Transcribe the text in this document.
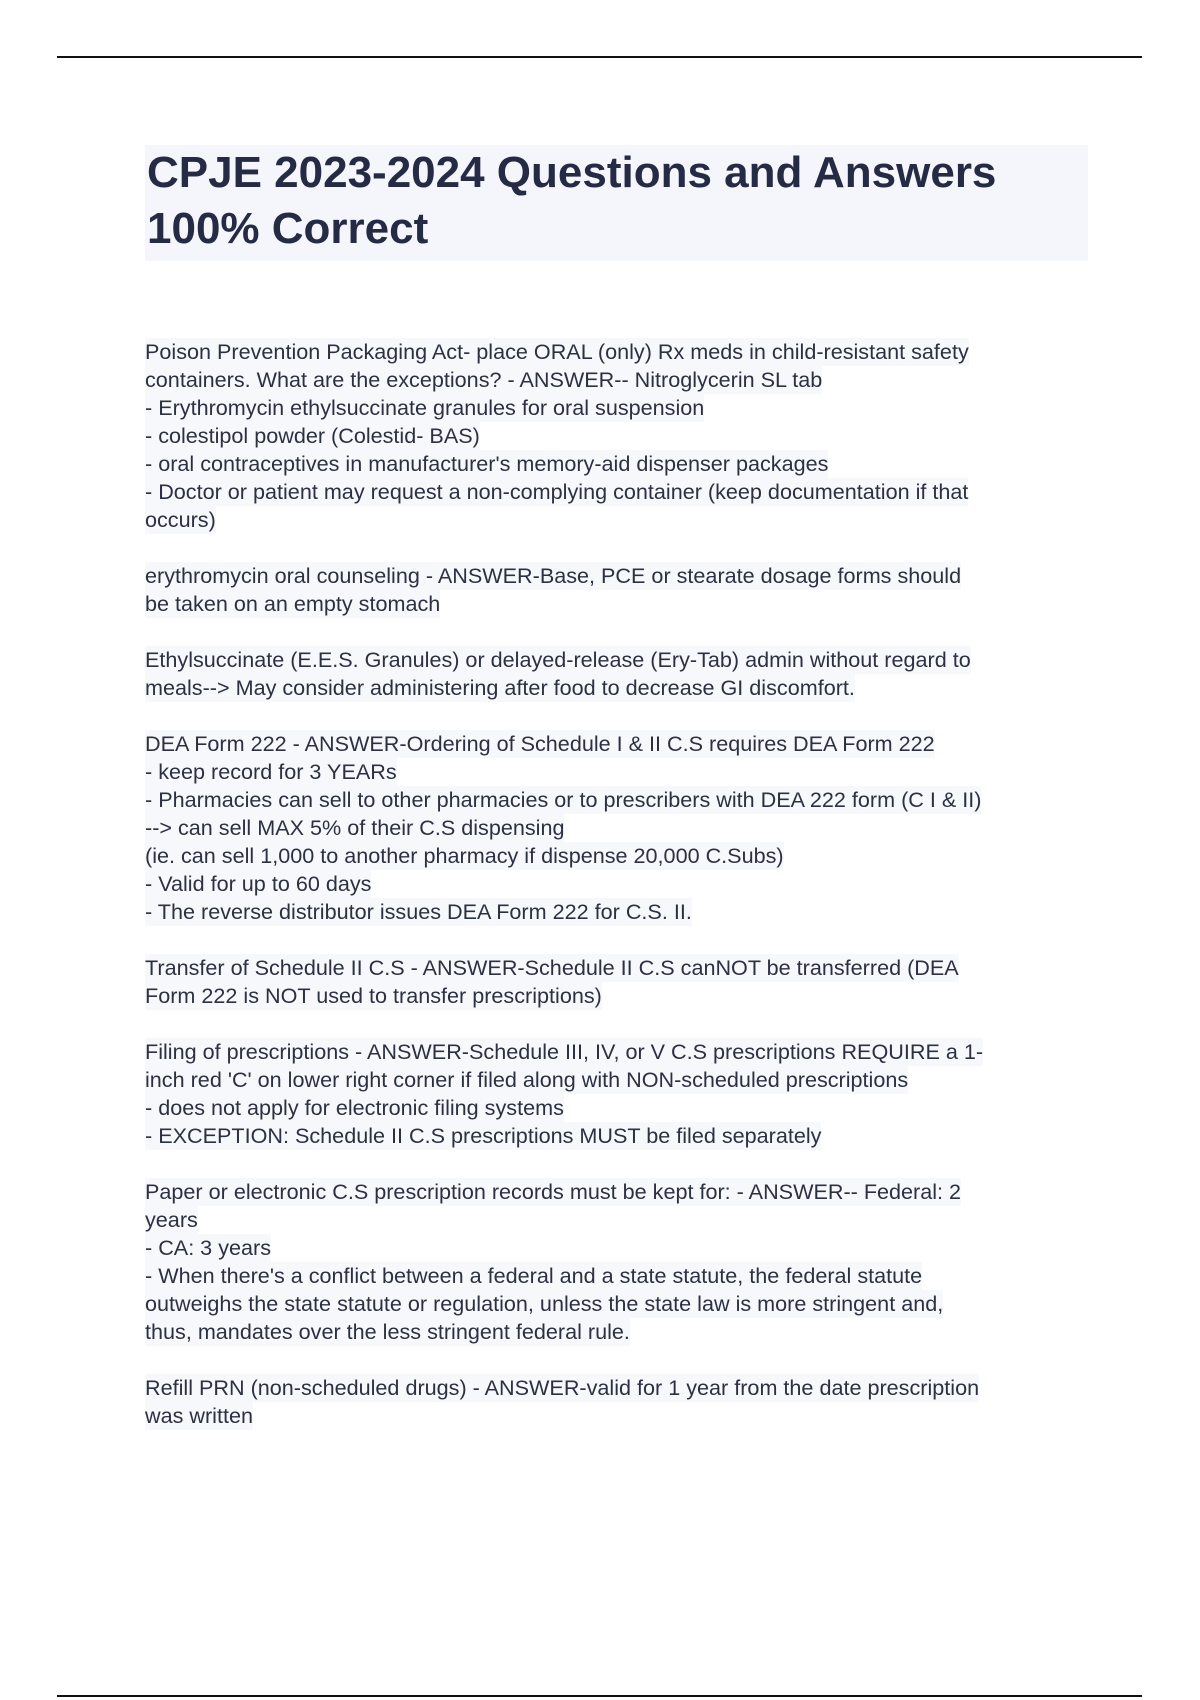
CPJE 2023-2024 Questions and Answers
100% Correct
Poison Prevention Packaging Act- place ORAL (only) Rx meds in child-resistant safety
containers. What are the exceptions? - ANSWER-- Nitroglycerin SL tab
- Erythromycin ethylsuccinate granules for oral suspension
- colestipol powder (Colestid- BAS)
- oral contraceptives in manufacturer's memory-aid dispenser packages
- Doctor or patient may request a non-complying container (keep documentation if that
occurs)
erythromycin oral counseling - ANSWER-Base, PCE or stearate dosage forms should
be taken on an empty stomach
Ethylsuccinate (E.E.S. Granules) or delayed-release (Ery-Tab) admin without regard to
meals--> May consider administering after food to decrease GI discomfort.
DEA Form 222 - ANSWER-Ordering of Schedule I & II C.S requires DEA Form 222
- keep record for 3 YEARs
- Pharmacies can sell to other pharmacies or to prescribers with DEA 222 form (C I & II)
--> can sell MAX 5% of their C.S dispensing
(ie. can sell 1,000 to another pharmacy if dispense 20,000 C.Subs)
- Valid for up to 60 days
- The reverse distributor issues DEA Form 222 for C.S. II.
Transfer of Schedule II C.S - ANSWER-Schedule II C.S canNOT be transferred (DEA
Form 222 is NOT used to transfer prescriptions)
Filing of prescriptions - ANSWER-Schedule III, IV, or V C.S prescriptions REQUIRE a 1-
inch red 'C' on lower right corner if filed along with NON-scheduled prescriptions
- does not apply for electronic filing systems
- EXCEPTION: Schedule II C.S prescriptions MUST be filed separately
Paper or electronic C.S prescription records must be kept for: - ANSWER-- Federal: 2
years
- CA: 3 years
- When there's a conflict between a federal and a state statute, the federal statute
outweighs the state statute or regulation, unless the state law is more stringent and,
thus, mandates over the less stringent federal rule.
Refill PRN (non-scheduled drugs) - ANSWER-valid for 1 year from the date prescription
was written
